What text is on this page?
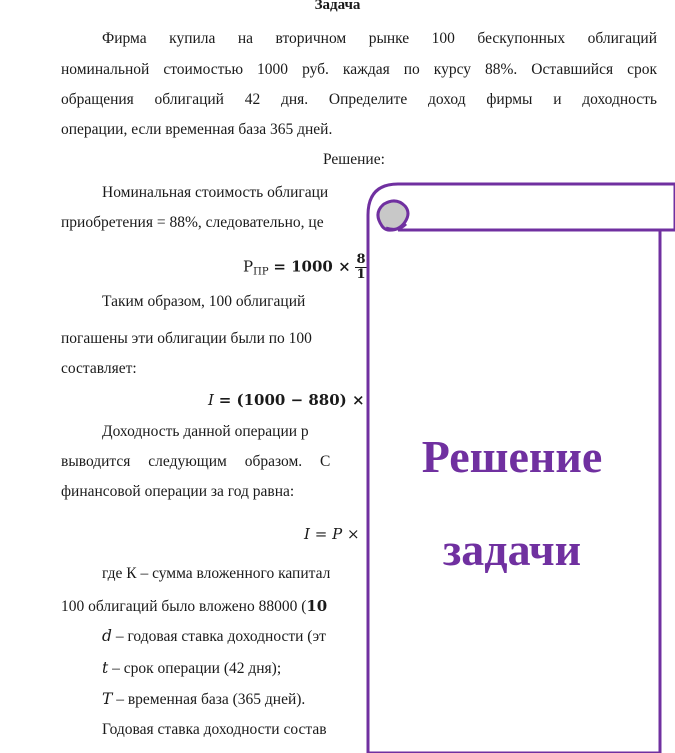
Задача
Фирма купила на вторичном рынке 100 бескупонных облигаций
номинальной стоимостью 1000 руб. каждая по курсу 88%. Оставшийся срок
обращения облигаций 42 дня. Определите доход фирмы и доходность
операции, если временная база 365 дней.
Решение:
Номинальная стоимость облигаци
приобретения = 88%, следовательно, це
$Р_{ПР} = 1000 \times \frac{8}{1}$
Таким образом, 100 облигаций
погашены эти облигации были по 100
составляет:
I = (1000 − 880) ×
Доходность данной операции р
выводится следующим образом. С
финансовой операции за год равна:
I = P ×
где К – сумма вложенного капитал
100 облигаций было вложено 88000 (10
d – годовая ставка доходности (эт
t – срок операции (42 дня);
T – временная база (365 дней).
Годовая ставка доходности состав
Решение
задачи
